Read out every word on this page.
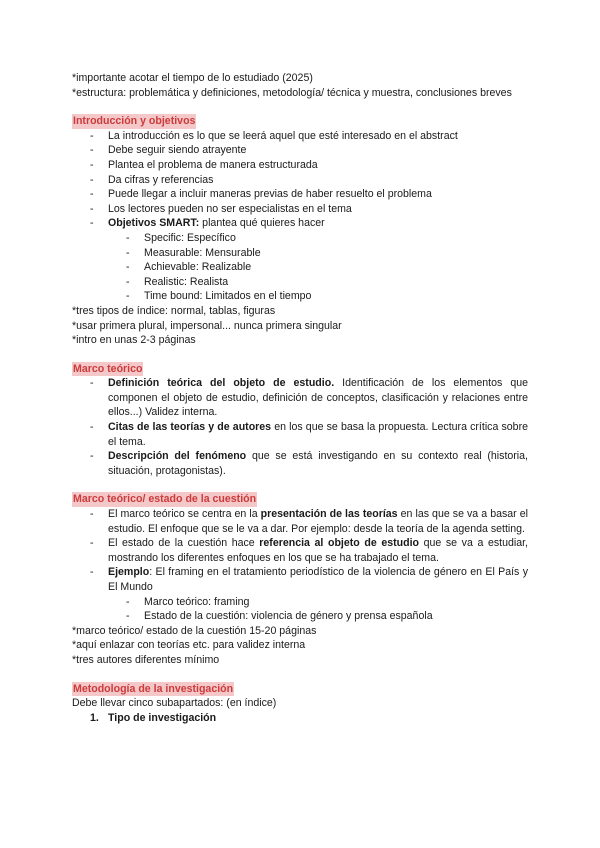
*importante acotar el tiempo de lo estudiado (2025)

*estructura: problemática y definiciones, metodología/ técnica y muestra, conclusiones breves

Introducción y objetivos
- La introducción es lo que se leerá aquel que esté interesado en el abstract
- Debe seguir siendo atrayente
- Plantea el problema de manera estructurada
- Da cifras y referencias
- Puede llegar a incluir maneras previas de haber resuelto el problema
- Los lectores pueden no ser especialistas en el tema
- Objetivos SMART: plantea qué quieres hacer
- Specific: Específico
- Measurable: Mensurable
- Achievable: Realizable
- Realistic: Realista
- Time bound: Limitados en el tiempo

*tres tipos de índice: normal, tablas, figuras

*usar primera plural, impersonal... nunca primera singular

*intro en unas 2-3 páginas

Marco teórico
- Definición teórica del objeto de estudio. Identificación de los elementos que componen el objeto de estudio, definición de conceptos, clasificación y relaciones entre ellos...) Validez interna.
- Citas de las teorías y de autores en los que se basa la propuesta. Lectura crítica sobre el tema.
- Descripción del fenómeno que se está investigando en su contexto real (historia, situación, protagonistas).
Marco teórico/ estado de la cuestión
- El marco teórico se centra en la presentación de las teorías en las que se va a basar el estudio. El enfoque que se le va a dar. Por ejemplo: desde la teoría de la agenda setting.
- El estado de la cuestión hace referencia al objeto de estudio que se va a estudiar, mostrando los diferentes enfoques en los que se ha trabajado el tema.
- Ejemplo: El framing en el tratamiento periodístico de la violencia de género en El País y El Mundo
- Marco teórico: framing
- Estado de la cuestión: violencia de género y prensa española

*marco teórico/ estado de la cuestión 15-20 páginas

*aquí enlazar con teorías etc. para validez interna

*tres autores diferentes mínimo

Metodología de la investigación

Debe llevar cinco subapartados: (en índice)

1. Tipo de investigación
